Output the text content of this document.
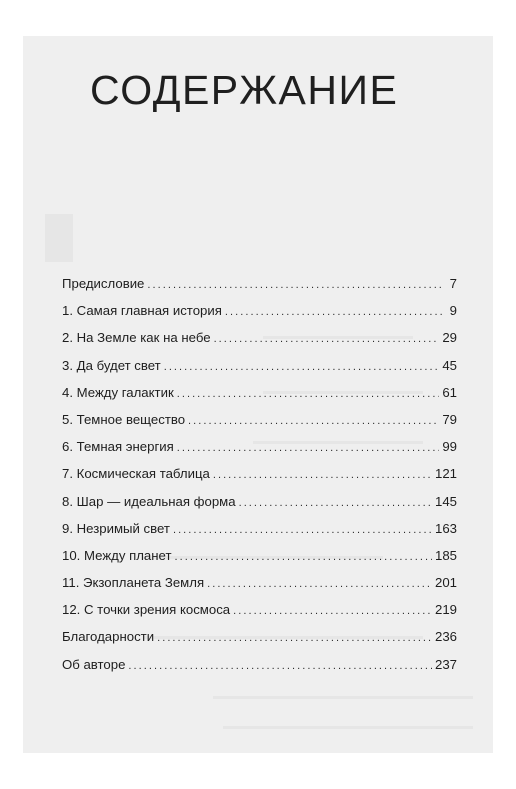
СОДЕРЖАНИЕ
Предисловие . . .	7
1. Самая главная история . . .	9
2. На Земле как на небе . . .	29
3. Да будет свет . . .	45
4. Между галактик . . .	61
5. Темное вещество . . .	79
6. Темная энергия . . .	99
7. Космическая таблица . . .	121
8. Шар — идеальная форма . . .	145
9. Незримый свет . . .	163
10. Между планет . . .	185
11. Экзопланета Земля . . .	201
12. С точки зрения космоса . . .	219
Благодарности . . .	236
Об авторе . . .	237
